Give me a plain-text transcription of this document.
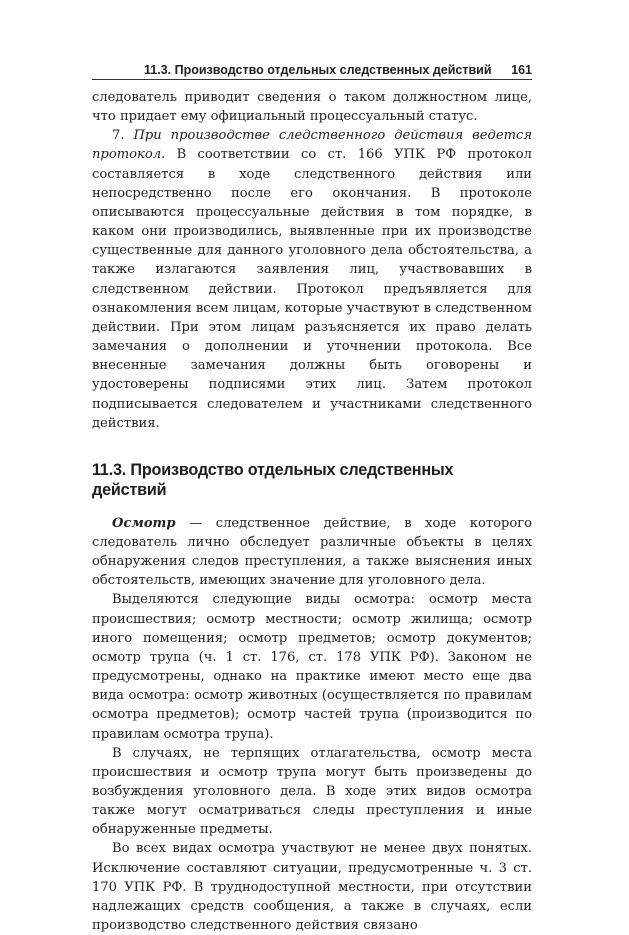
11.3. Производство отдельных следственных действий 161

следователь приводит сведения о таком должностном лице, что придает ему официальный процессуальный статус.

7. При производстве следственного действия ведется протокол. В соответствии со ст. 166 УПК РФ протокол составляется в ходе следственного действия или непосредственно после его окончания. В протоколе описываются процессуальные действия в том порядке, в каком они производились, выявленные при их производстве существенные для данного уголовного дела обстоятельства, а также излагаются заявления лиц, участвовавших в следственном действии. Протокол предъявляется для ознакомления всем лицам, которые участвуют в следственном действии. При этом лицам разъясняется их право делать замечания о дополнении и уточнении протокола. Все внесенные замечания должны быть оговорены и удостоверены подписями этих лиц. Затем протокол подписывается следователем и участниками следственного действия.

11.3. Производство отдельных следственных действий

Осмотр — следственное действие, в ходе которого следователь лично обследует различные объекты в целях обнаружения следов преступления, а также выяснения иных обстоятельств, имеющих значение для уголовного дела.

Выделяются следующие виды осмотра: осмотр места происшествия; осмотр местности; осмотр жилища; осмотр иного помещения; осмотр предметов; осмотр документов; осмотр трупа (ч. 1 ст. 176, ст. 178 УПК РФ). Законом не предусмотрены, однако на практике имеют место еще два вида осмотра: осмотр животных (осуществляется по правилам осмотра предметов); осмотр частей трупа (производится по правилам осмотра трупа).

В случаях, не терпящих отлагательства, осмотр места происшествия и осмотр трупа могут быть произведены до возбуждения уголовного дела. В ходе этих видов осмотра также могут осматриваться следы преступления и иные обнаруженные предметы.

Во всех видах осмотра участвуют не менее двух понятых. Исключение составляют ситуации, предусмотренные ч. 3 ст. 170 УПК РФ. В труднодоступной местности, при отсутствии надлежащих средств сообщения, а также в случаях, если производство следственного действия связано
